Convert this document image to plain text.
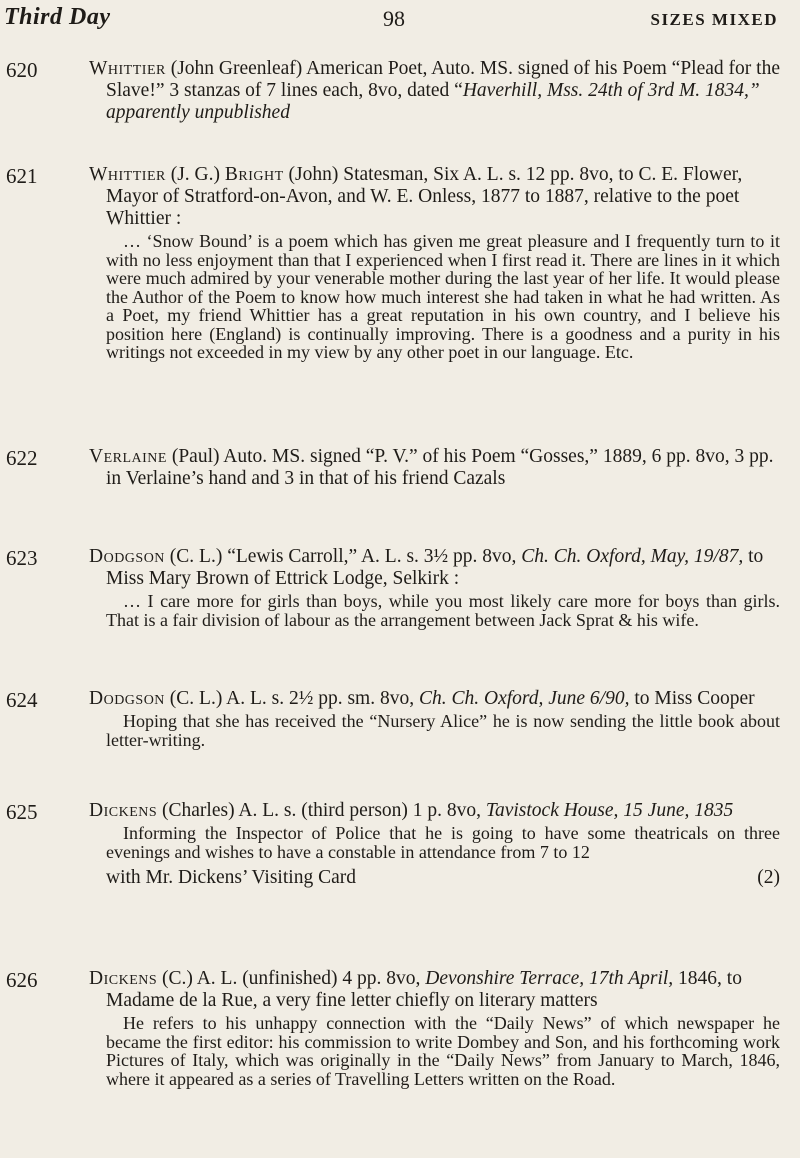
Third Day	98	SIZES MIXED
620	Whittier (John Greenleaf) American Poet, Auto. MS. signed of his Poem “Plead for the Slave!” 3 stanzas of 7 lines each, 8vo, dated “Haverhill, Mss. 24th of 3rd M. 1834,” apparently unpublished
621	Whittier (J. G.) Bright (John) Statesman, Six A. L. s. 12 pp. 8vo, to C. E. Flower, Mayor of Stratford-on-Avon, and W. E. Onless, 1877 to 1887, relative to the poet Whittier :
… ‘Snow Bound’ is a poem which has given me great pleasure and I frequently turn to it with no less enjoyment than that I experienced when I first read it. There are lines in it which were much admired by your venerable mother during the last year of her life. It would please the Author of the Poem to know how much interest she had taken in what he had written. As a Poet, my friend Whittier has a great reputation in his own country, and I believe his position here (England) is continually improving. There is a goodness and a purity in his writings not exceeded in my view by any other poet in our language. Etc.
622	Verlaine (Paul) Auto. MS. signed “P. V.” of his Poem “Gosses,” 1889, 6 pp. 8vo, 3 pp. in Verlaine’s hand and 3 in that of his friend Cazals
623	Dodgson (C. L.) “Lewis Carroll,” A. L. s. 3½ pp. 8vo, Ch. Ch. Oxford, May, 19/87, to Miss Mary Brown of Ettrick Lodge, Selkirk :
… I care more for girls than boys, while you most likely care more for boys than girls. That is a fair division of labour as the arrangement between Jack Sprat & his wife.
624	Dodgson (C. L.) A. L. s. 2½ pp. sm. 8vo, Ch. Ch. Oxford, June 6/90, to Miss Cooper
Hoping that she has received the “Nursery Alice” he is now sending the little book about letter-writing.
625	Dickens (Charles) A. L. s. (third person) 1 p. 8vo, Tavistock House, 15 June, 1835
Informing the Inspector of Police that he is going to have some theatricals on three evenings and wishes to have a constable in attendance from 7 to 12
with Mr. Dickens’ Visiting Card	(2)
626	Dickens (C.) A. L. (unfinished) 4 pp. 8vo, Devonshire Terrace, 17th April, 1846, to Madame de la Rue, a very fine letter chiefly on literary matters
He refers to his unhappy connection with the “Daily News” of which newspaper he became the first editor: his commission to write Dombey and Son, and his forthcoming work Pictures of Italy, which was originally in the “Daily News” from January to March, 1846, where it appeared as a series of Travelling Letters written on the Road.
